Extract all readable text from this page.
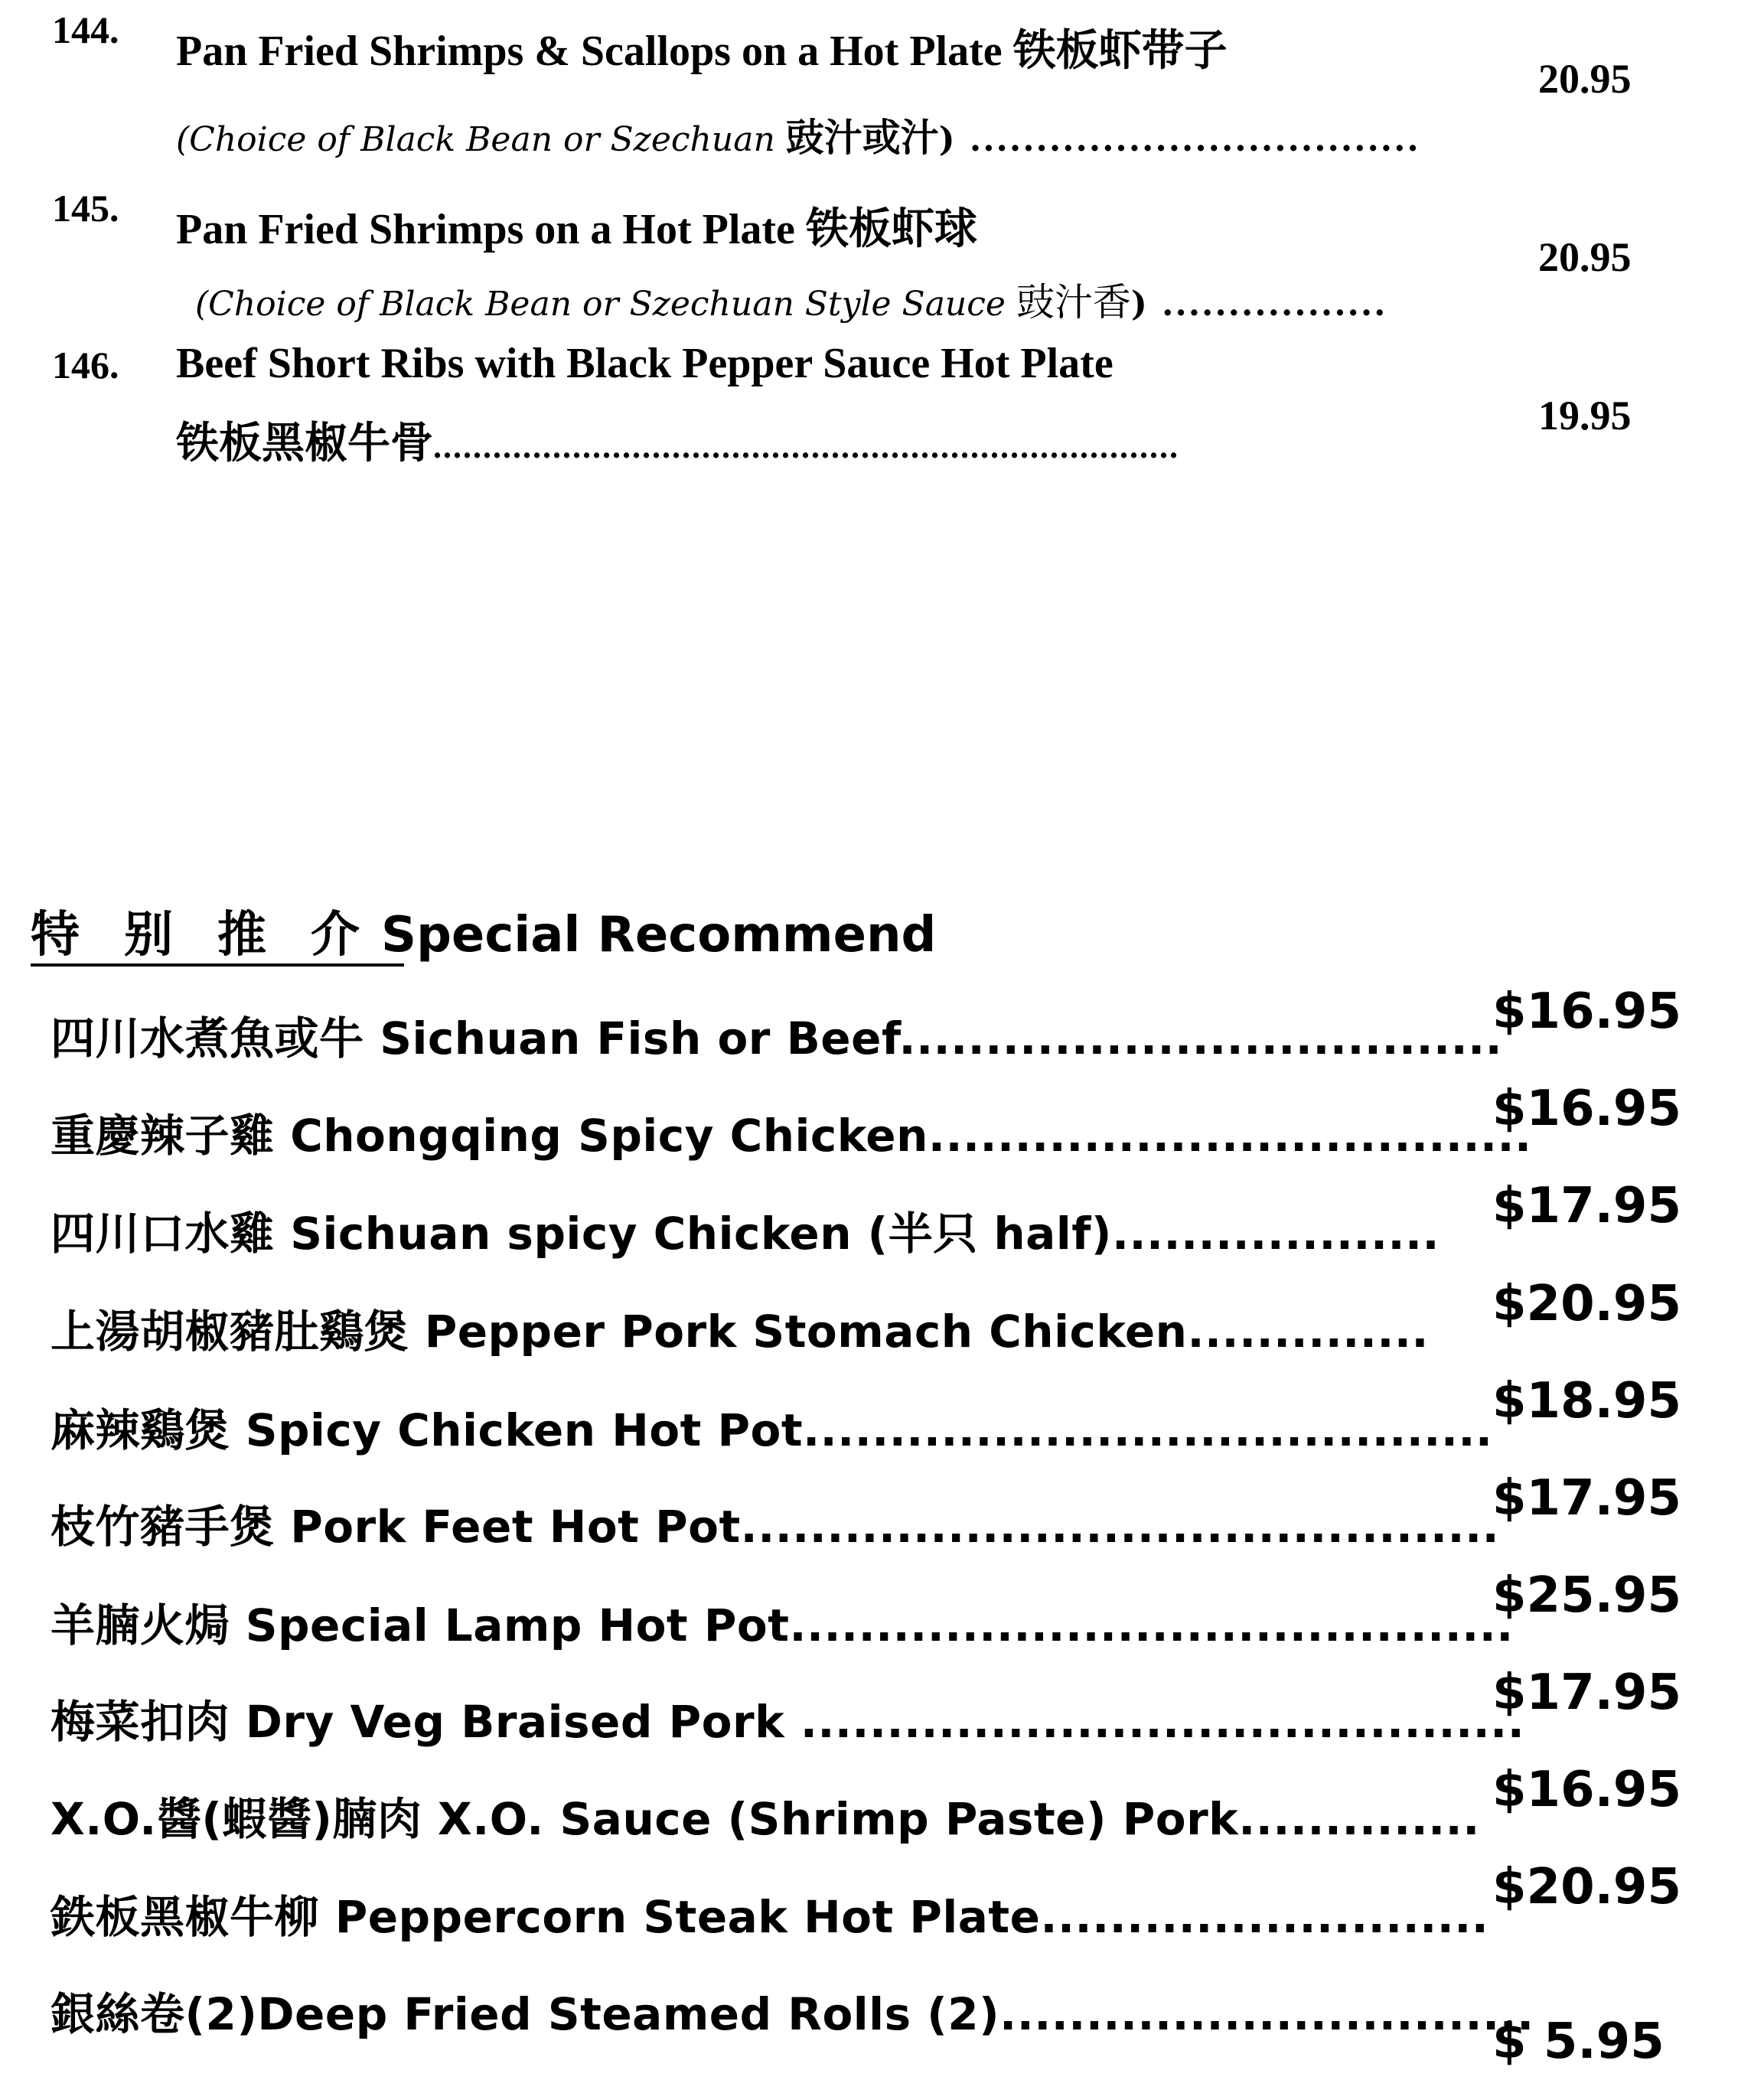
144. Pan Fried Shrimps & Scallops on a Hot Plate 铁板虾带子
(Choice of Black Bean or Szechuan 豉汁或汁) ..................................
20.95
145. Pan Fried Shrimps on a Hot Plate 铁板虾球
(Choice of Black Bean or Szechuan Style Sauce 豉汁香) .................
20.95
146. Beef Short Ribs with Black Pepper Sauce Hot Plate
铁板黑椒牛骨...........................................................................
19.95
特别推介Special Recommend
四川水煮魚或牛 Sichuan Fish or Beef...................................
$16.95
重慶辣子雞 Chongqing Spicy Chicken...................................
$16.95
四川口水雞 Sichuan spicy Chicken (半只 half)................... $17.95
上湯胡椒豬肚鷄煲 Pepper Pork Stomach Chicken.............. $20.95
麻辣鷄煲 Spicy Chicken Hot Pot........................................
$18.95
枝竹豬手煲 Pork Feet Hot Pot............................................
$17.95
羊腩火焗 Special Lamp Hot Pot..........................................
$25.95
梅菜扣肉 Dry Veg Braised Pork ..........................................
$17.95
X.O.醬(蝦醬)腩肉 X.O. Sauce (Shrimp Paste) Pork..............
$16.95
鉄板黑椒牛柳 Peppercorn Steak Hot Plate..........................
$20.95
銀絲卷(2)Deep Fried Steamed Rolls (2)...............................
$ 5.95
